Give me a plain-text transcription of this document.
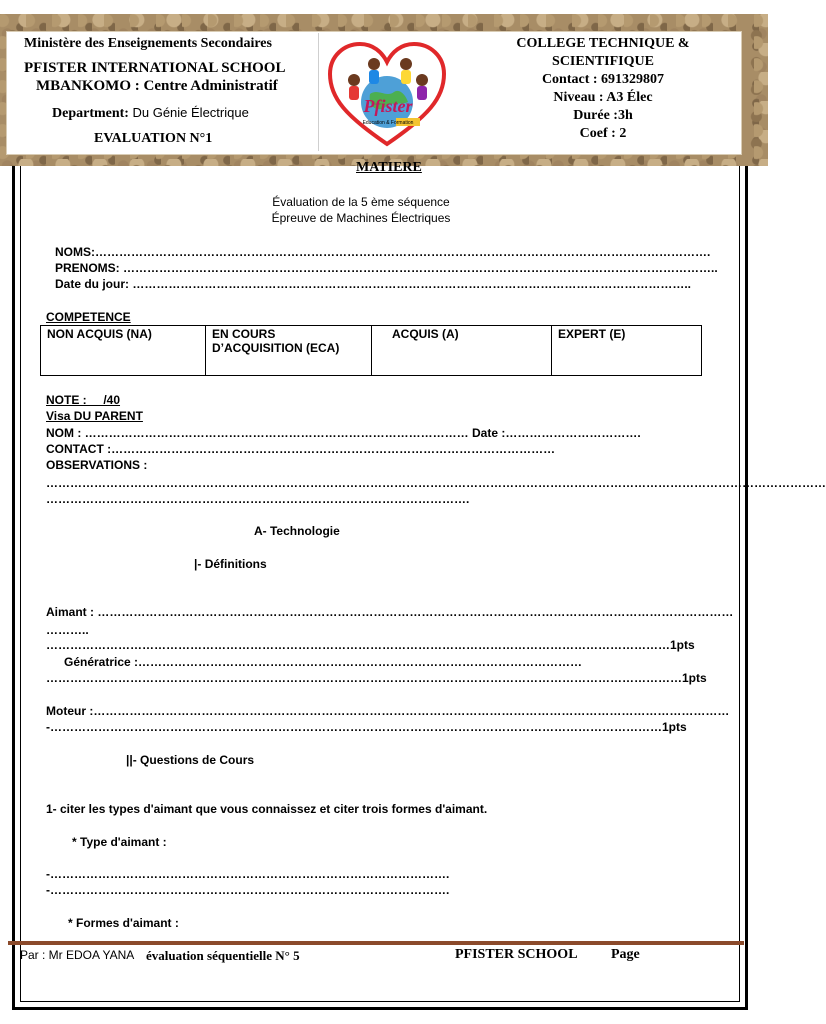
Ministère des Enseignements Secondaires
PFISTER INTERNATIONAL SCHOOL
MBANKOMO : Centre Administratif
Department: Du Génie Électrique
EVALUATION N°1
Pfister
Education & Formation
COLLEGE TECHNIQUE &
SCIENTIFIQUE
Contact : 691329807
Niveau : A3 Élec
Durée :3h
Coef : 2
MATIERE
Évaluation de la 5 ème séquence
Épreuve de Machines Électriques
NOMS:……………………………………………………………………………………………………………………………………….
PRENOMS: …………………………………………………………………………………………………………………………………..
Date du jour: …………………………………………………………………………………………………………………………..
COMPETENCE
NON ACQUIS (NA)	EN COURS D’ACQUISITION (ECA)	ACQUIS (A)	EXPERT (E)
NOTE :     /40
Visa DU PARENT
NOM : …………………………………………………………………………………… Date :…………………………….
CONTACT :…………………………………………………………………………………………………
OBSERVATIONS :
……………………………………………………………………………………………………………………………………………………………………………
…………………………………………………………………………………………….
A- Technologie
|- Définitions
Aimant : ……………………………………………………………………………………………………………………………………………
………..
…………………………………………………………………………………………………………………………………………1pts
Génératrice :…………………………………………………………………………………………………
……………………………………………………………………………………………………………………………………………1pts
Moteur :……………………………………………………………………………………………………………………………………………
-………………………………………………………………………………………………………………………………………1pts
||- Questions de Cours
1- citer les types d'aimant que vous connaissez et citer trois formes d'aimant.
* Type d'aimant :
-……………………………………………………………………………………….
-……………………………………………………………………………………….
* Formes d'aimant :
Par : Mr EDOA YANA évaluation séquentielle N° 5	PFISTER SCHOOL Page
